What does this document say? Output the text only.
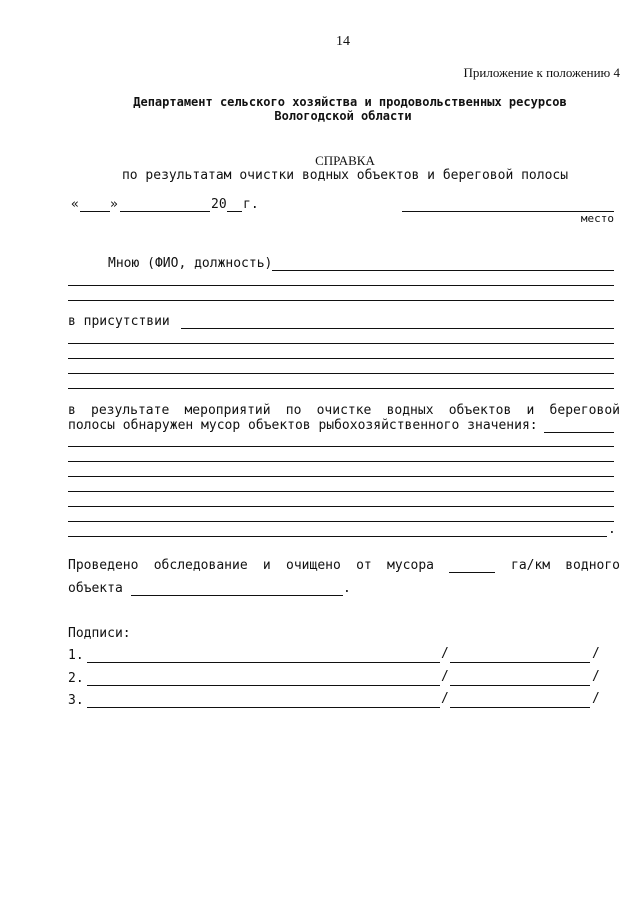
14
Приложение к положению 4
Департамент сельского хозяйства и продовольственных ресурсов
Вологодской области
СПРАВКА
по результатам очистки водных объектов и береговой полосы
« »	20 г.
место
Мною (ФИО, должность)
в присутствии
в результате мероприятий по очистке водных объектов и береговой
полосы обнаружен мусор объектов рыбохозяйственного значения:
.
Проведено обследование и очищено от мусора	га/км водного
объекта	.
Подписи:
1.	/	/
2.	/	/
3.	/	/
